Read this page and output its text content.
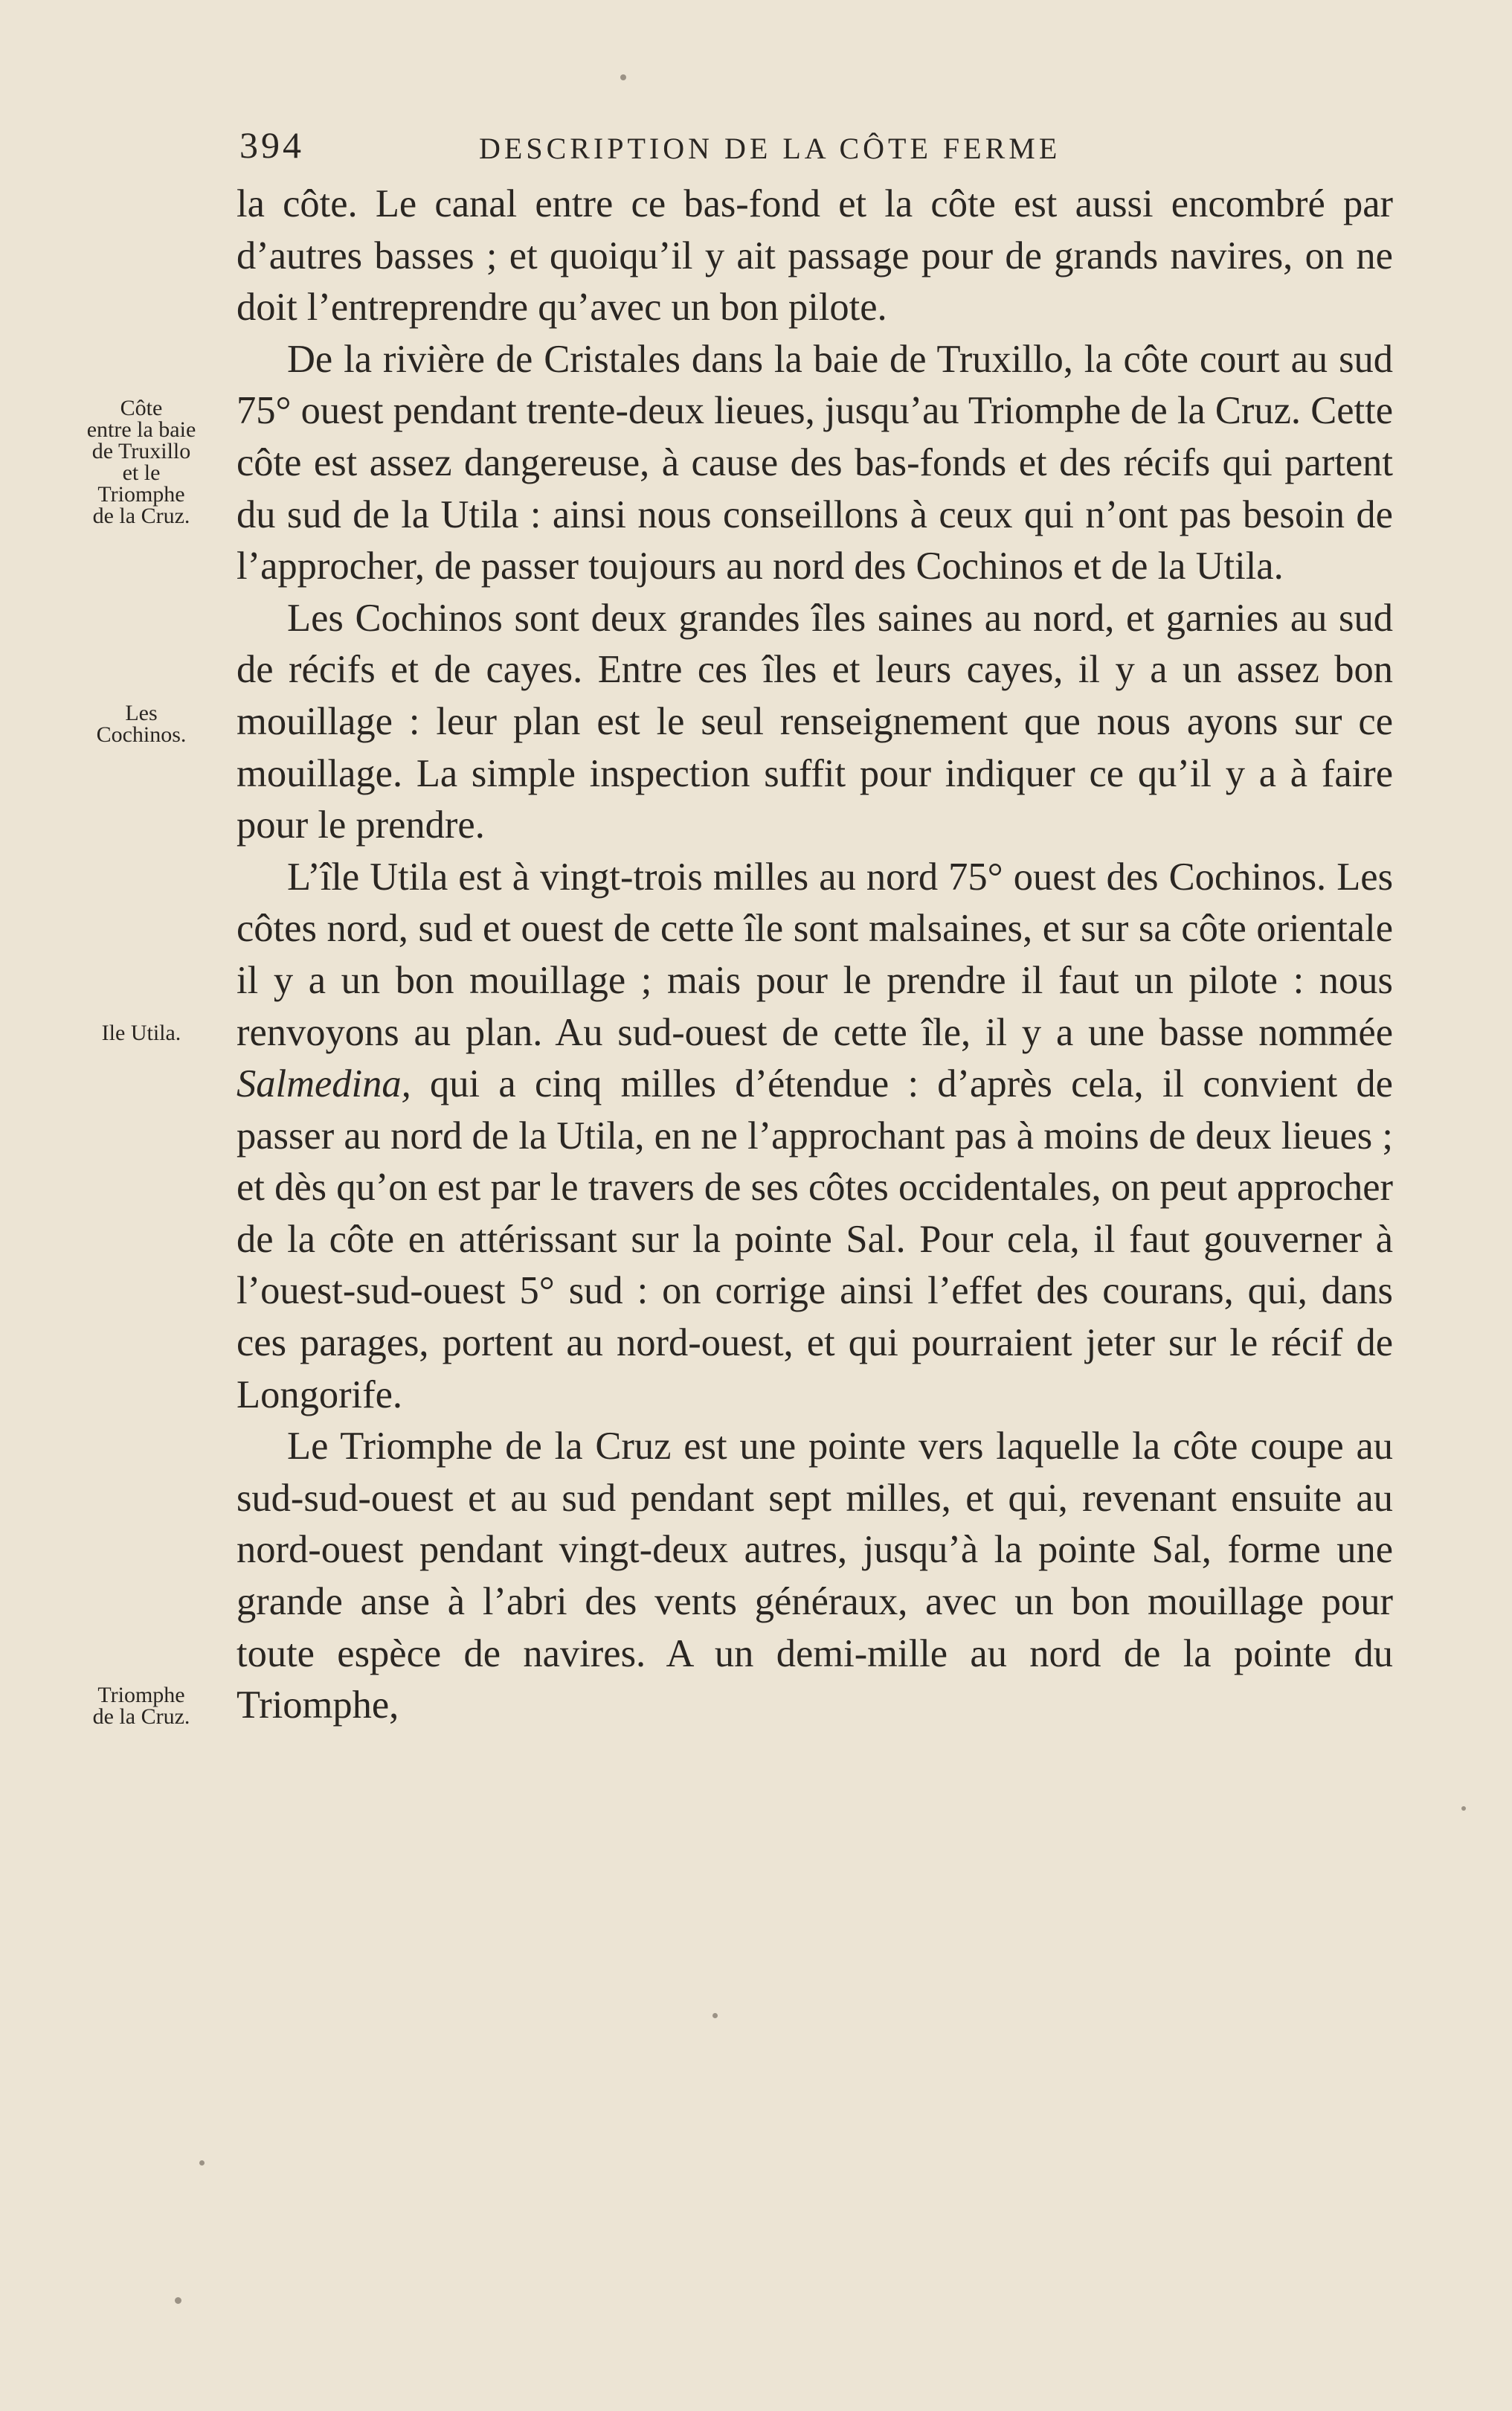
394	DESCRIPTION DE LA CÔTE FERME
Côte
entre la baie
de Truxillo
et le
Triomphe
de la Cruz.
Les
Cochinos.
Ile Utila.
Triomphe
de la Cruz.

la côte. Le canal entre ce bas-fond et la côte est aussi encombré par d’autres basses ; et quoiqu’il y ait passage pour de grands navires, on ne doit l’entreprendre qu’avec un bon pilote.

De la rivière de Cristales dans la baie de Truxillo, la côte court au sud 75° ouest pendant trente-deux lieues, jusqu’au Triomphe de la Cruz. Cette côte est assez dangereuse, à cause des bas-fonds et des récifs qui partent du sud de la Utila : ainsi nous conseillons à ceux qui n’ont pas besoin de l’approcher, de passer toujours au nord des Cochinos et de la Utila.

Les Cochinos sont deux grandes îles saines au nord, et garnies au sud de récifs et de cayes. Entre ces îles et leurs cayes, il y a un assez bon mouillage : leur plan est le seul renseignement que nous ayons sur ce mouillage. La simple inspection suffit pour indiquer ce qu’il y a à faire pour le prendre.

L’île Utila est à vingt-trois milles au nord 75° ouest des Cochinos. Les côtes nord, sud et ouest de cette île sont malsaines, et sur sa côte orientale il y a un bon mouillage ; mais pour le prendre il faut un pilote : nous renvoyons au plan. Au sud-ouest de cette île, il y a une basse nommée Salmedina, qui a cinq milles d’étendue : d’après cela, il convient de passer au nord de la Utila, en ne l’approchant pas à moins de deux lieues ; et dès qu’on est par le travers de ses côtes occidentales, on peut approcher de la côte en attérissant sur la pointe Sal. Pour cela, il faut gouverner à l’ouest-sud-ouest 5° sud : on corrige ainsi l’effet des courans, qui, dans ces parages, portent au nord-ouest, et qui pourraient jeter sur le récif de Longorife.

Le Triomphe de la Cruz est une pointe vers laquelle la côte coupe au sud-sud-ouest et au sud pendant sept milles, et qui, revenant ensuite au nord-ouest pendant vingt-deux autres, jusqu’à la pointe Sal, forme une grande anse à l’abri des vents généraux, avec un bon mouillage pour toute espèce de navires. A un demi-mille au nord de la pointe du Triomphe,
